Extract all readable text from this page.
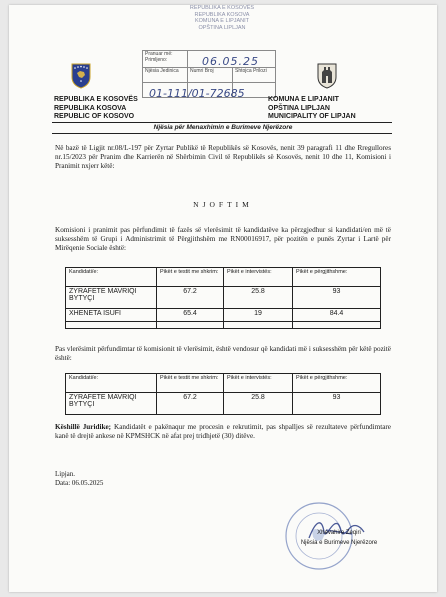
REPUBLIKA E KOSOVËS
REPUBLIKA KOSOVA
KOMUNA E LIPJANIT
OPŠTINA LIPLJAN
Pranuar më: Primljeno:
Njësia Jedinica	Numri Broj	Shtojca Prilozi
06.05.25
01-111/01-72685
REPUBLIKA E KOSOVËS
REPUBLIKA KOSOVA
REPUBLIC OF KOSOVO
KOMUNA E LIPJANIT
OPŠTINA LIPLJAN
MUNICIPALITY OF LIPJAN
Njësia për Menaxhimin e Burimeve Njerëzore
Në bazë të Ligjit nr.08/L-197 për Zyrtar Publikë të Republikës së Kosovës, nenit 39 paragrafi 11 dhe Rregullores nr.15/2023 për Pranim dhe Karrierën në Shërbimin Civil të Republikës së Kosovës, nenit 10 dhe 11, Komisioni i Pranimit nxjerr këtë:
NJOFTIM
Komisioni i pranimit pas përfundimit të fazës së vlerësimit të kandidatëve ka përzgjedhur si kandidati/en më të suksesshëm të Grupi i Administrimit të Përgjithshëm me RN00016917, për pozitën e punës Zyrtar i Lartë për Mirëqenie Sociale është:
Kandidati/e:	Pikët e testit me shkrim:	Pikët e intervistës:	Pikët e përgjithshme:
ZYRAFETE MAVRIQI BYTYÇI	67.2	25.8	93
XHENETA ISUFI	65.4	19	84.4

Pas vlerësimit përfundimtar të komisionit të vlerësimit, është vendosur që kandidati më i suksesshëm për këtë pozitë është:
Kandidati/e:	Pikët e testit me shkrim:	Pikët e intervistës:	Pikët e përgjithshme:
ZYRAFETE MAVRIQI BYTYÇI	67.2	25.8	93
Këshillë Juridike; Kandidatët e pakënaqur me procesin e rekrutimit, pas shpalljes së rezultateve përfundimtare kanë të drejtë ankese në KPMSHCK në afat prej tridhjetë (30) ditëve.
Lipjan.
Data: 06.05.2025
Xhevahire Zeqiri
Njësia e Burimeve Njerëzore
